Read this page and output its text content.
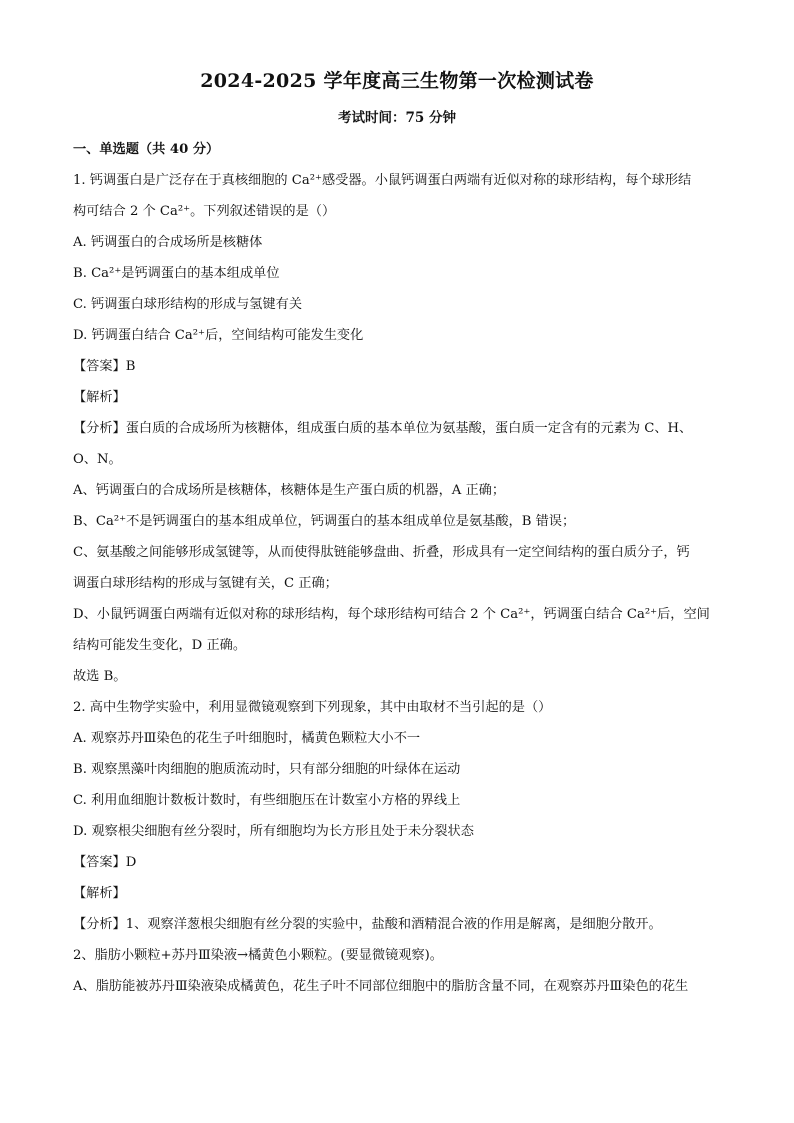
2024-2025 学年度高三生物第一次检测试卷
考试时间：75 分钟
一、单选题（共 40 分）
1. 钙调蛋白是广泛存在于真核细胞的 Ca²⁺感受器。小鼠钙调蛋白两端有近似对称的球形结构，每个球形结
构可结合 2 个 Ca²⁺。下列叙述错误的是（）
A. 钙调蛋白的合成场所是核糖体
B. Ca²⁺是钙调蛋白的基本组成单位
C. 钙调蛋白球形结构的形成与氢键有关
D. 钙调蛋白结合 Ca²⁺后，空间结构可能发生变化
【答案】B
【解析】
【分析】蛋白质的合成场所为核糖体，组成蛋白质的基本单位为氨基酸，蛋白质一定含有的元素为 C、H、
O、N。
A、钙调蛋白的合成场所是核糖体，核糖体是生产蛋白质的机器，A 正确；
B、Ca²⁺不是钙调蛋白的基本组成单位，钙调蛋白的基本组成单位是氨基酸，B 错误；
C、氨基酸之间能够形成氢键等，从而使得肽链能够盘曲、折叠，形成具有一定空间结构的蛋白质分子，钙
调蛋白球形结构的形成与氢键有关，C 正确；
D、小鼠钙调蛋白两端有近似对称的球形结构，每个球形结构可结合 2 个 Ca²⁺，钙调蛋白结合 Ca²⁺后，空间
结构可能发生变化，D 正确。
故选 B。
2. 高中生物学实验中，利用显微镜观察到下列现象，其中由取材不当引起的是（）
A. 观察苏丹Ⅲ染色的花生子叶细胞时，橘黄色颗粒大小不一
B. 观察黑藻叶肉细胞的胞质流动时，只有部分细胞的叶绿体在运动
C. 利用血细胞计数板计数时，有些细胞压在计数室小方格的界线上
D. 观察根尖细胞有丝分裂时，所有细胞均为长方形且处于未分裂状态
【答案】D
【解析】
【分析】1、观察洋葱根尖细胞有丝分裂的实验中，盐酸和酒精混合液的作用是解离，是细胞分散开。
2、脂肪小颗粒+苏丹Ⅲ染液→橘黄色小颗粒。(要显微镜观察)。
A、脂肪能被苏丹Ⅲ染液染成橘黄色，花生子叶不同部位细胞中的脂肪含量不同，在观察苏丹Ⅲ染色的花生
